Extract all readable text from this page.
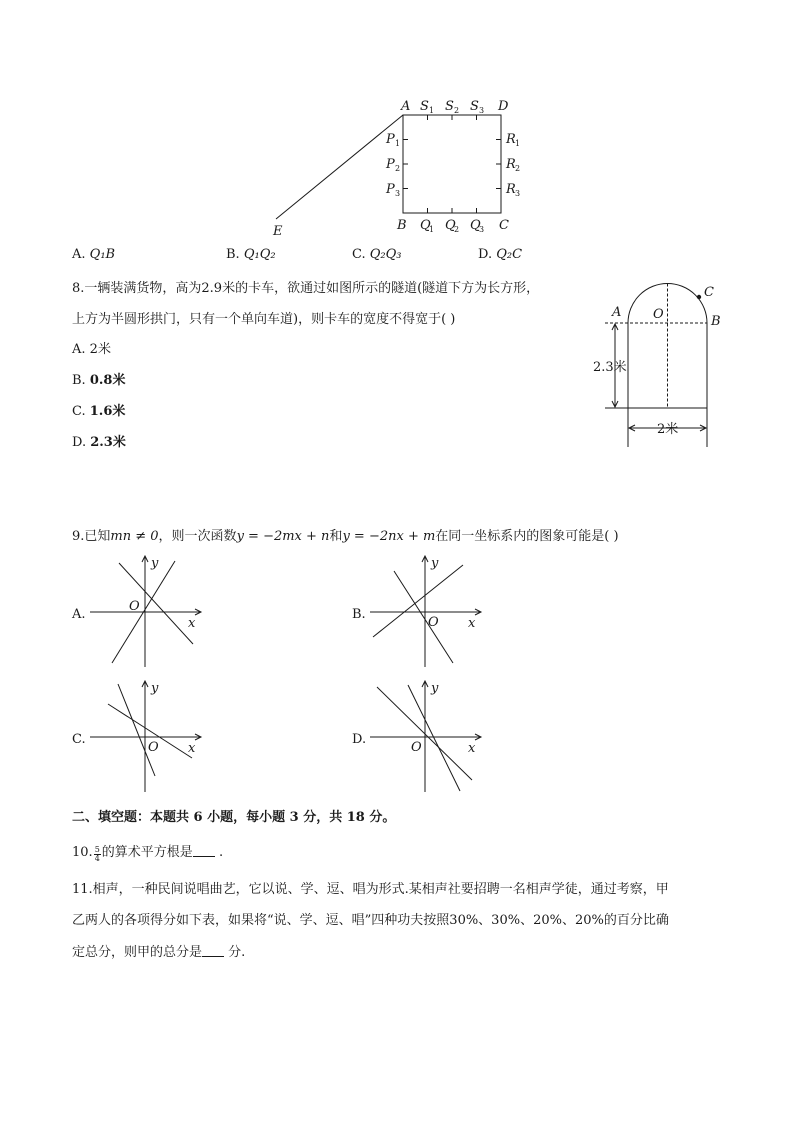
A S 1 S 2 S 3 D
P 1
P 2
P 3
R 1
R 2
R 3
B Q
1 Q
2 Q
3 C
E
A. Q₁B	B. Q₁Q₂	C. Q₂Q₃	D. Q₂C
8.一辆装满货物，高为2.9米的卡车，欲通过如图所示的隧道(隧道下方为长方形，
上方为半圆形拱门，只有一个单向车道)，则卡车的宽度不得宽于( )
A. 2米
B. 0.8米
C. 1.6米
D. 2.3米
A O	B
C
2.3米
2米
9.已知mn ≠ 0，则一次函数y = −2mx + n和y = −2nx + m在同一坐标系内的图象可能是( )
A.
y
x
O
B.
y
x
O
C.
y
x
O
D.
y
x
O
二、填空题：本题共 6 小题，每小题 3 分，共 18 分。
10. $\frac{5}{4}$ 的算术平方根是 .
11.相声，一种民间说唱曲艺，它以说、学、逗、唱为形式.某相声社要招聘一名相声学徒，通过考察，甲
乙两人的各项得分如下表，如果将“说、学、逗、唱”四种功夫按照30%、30%、20%、20%的百分比确
定总分，则甲的总分是 分.
